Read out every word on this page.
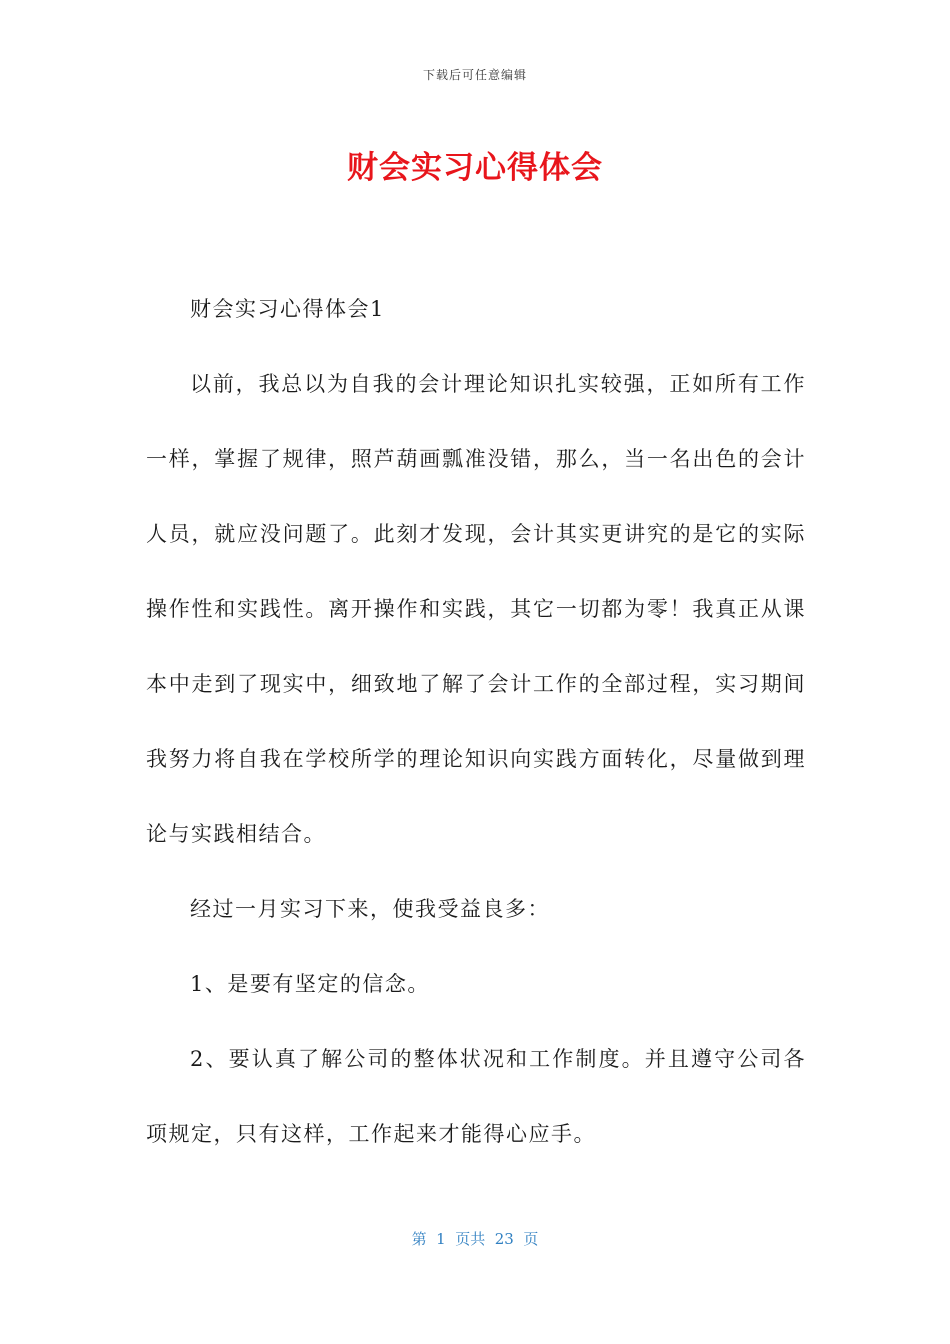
下载后可任意编辑
财会实习心得体会

财会实习心得体会1

以前，我总以为自我的会计理论知识扎实较强，正如所有工作一样，掌握了规律，照芦葫画瓢准没错，那么，当一名出色的会计人员，就应没问题了。此刻才发现，会计其实更讲究的是它的实际操作性和实践性。离开操作和实践，其它一切都为零！我真正从课本中走到了现实中，细致地了解了会计工作的全部过程，实习期间我努力将自我在学校所学的理论知识向实践方面转化，尽量做到理论与实践相结合。

经过一月实习下来，使我受益良多：

1、是要有坚定的信念。

2、要认真了解公司的整体状况和工作制度。并且遵守公司各项规定，只有这样，工作起来才能得心应手。

第  1  页共  23  页
